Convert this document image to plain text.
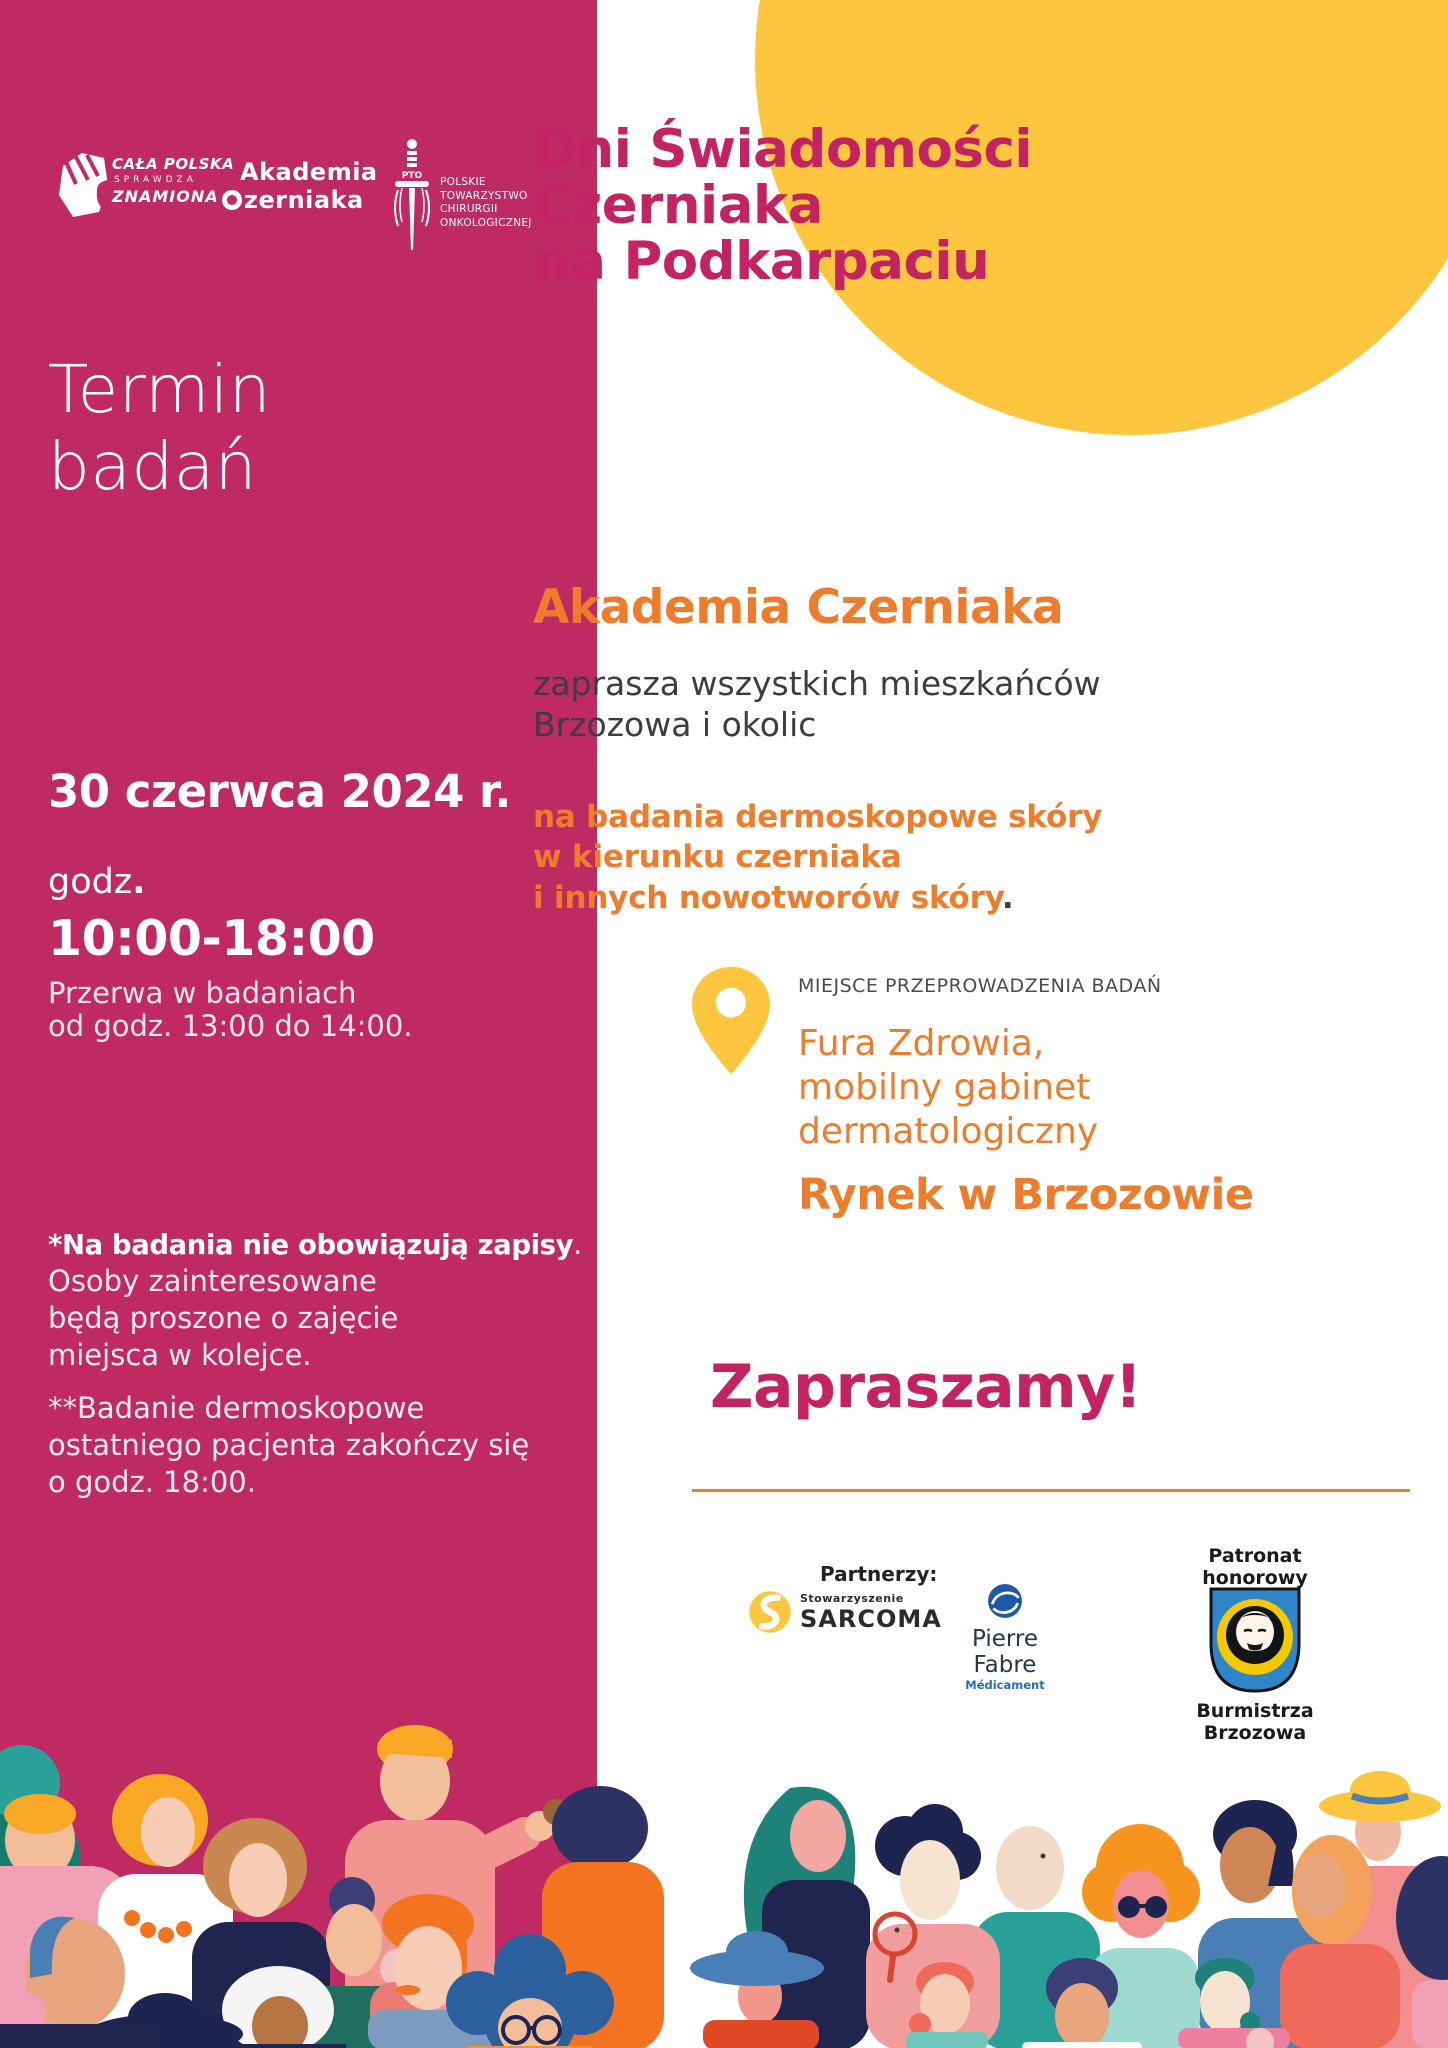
CAŁA POLSKA
SPRAWDZA
ZNAMIONA
Akademia
zerniaka
PTO POLSKIE
TOWARZYSTWO
CHIRURGII
ONKOLOGICZNEJ
Termin
badań
30 czerwca 2024 r.
godz.
10:00-18:00
Przerwa w badaniach
od godz. 13:00 do 14:00.
*Na badania nie obowiązują zapisy.
Osoby zainteresowane
będą proszone o zajęcie
miejsca w kolejce.
**Badanie dermoskopowe
ostatniego pacjenta zakończy się
o godz. 18:00.
Dni Świadomości
Czerniaka
na Podkarpaciu
Akademia Czerniaka
zaprasza wszystkich mieszkańców
Brzozowa i okolic
na badania dermoskopowe skóry
w kierunku czerniaka
i innych nowotworów skóry.
MIEJSCE PRZEPROWADZENIA BADAŃ
Fura Zdrowia,
mobilny gabinet
dermatologiczny
Rynek w Brzozowie
Zapraszamy!
Partnerzy:
Stowarzyszenie
SARCOMA
Pierre Fabre
Médicament
Patronat
honorowy
Burmistrza Brzozowa
